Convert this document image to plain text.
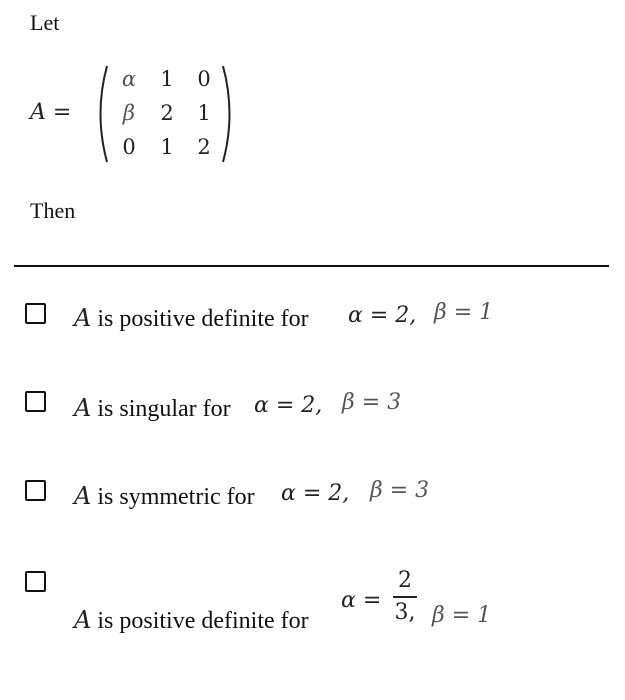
Let
A =
α 1 0
β 2 1
0 1 2
Then
A is positive definite for α = 2, β = 1
A is singular for α = 2, β = 3
A is symmetric for α = 2, β = 3
A is positive definite for
α =
2
3, β = 1
